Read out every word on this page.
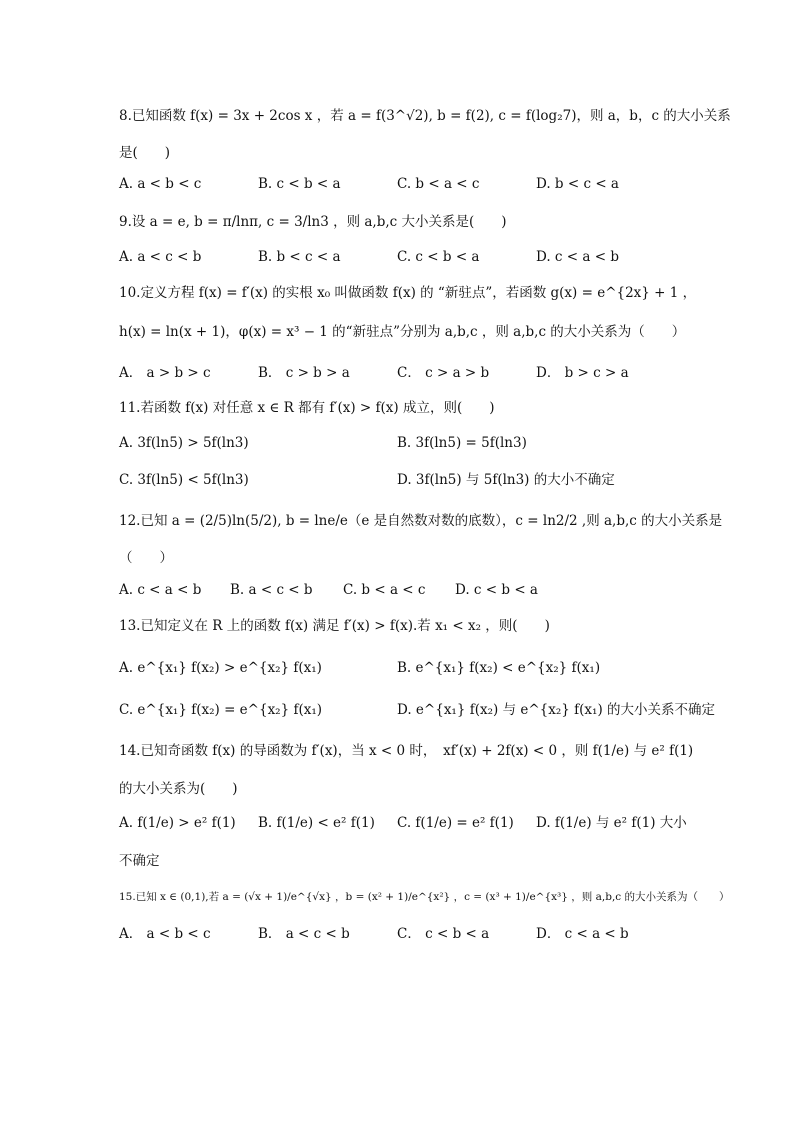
8.已知函数 f(x) = 3x + 2cos x ，若 a = f(3^√2), b = f(2), c = f(log₂7)，则 a，b，c 的大小关系
是(　　)
A. a < b < c	B. c < b < a	C. b < a < c	D. b < c < a
9.设 a = e, b = π/lnπ, c = 3/ln3 ，则 a,b,c 大小关系是(　　)
A. a < c < b	B. b < c < a	C. c < b < a	D. c < a < b
10.定义方程 f(x) = f′(x) 的实根 x₀ 叫做函数 f(x) 的 “新驻点”，若函数 g(x) = e^{2x} + 1 ，
h(x) = ln(x + 1)，φ(x) = x³ − 1 的“新驻点”分别为 a,b,c ，则 a,b,c 的大小关系为（　　）
A． a > b > c	B． c > b > a	C． c > a > b	D． b > c > a
11.若函数 f(x) 对任意 x ∈ R 都有 f′(x) > f(x) 成立，则(　　)
A. 3f(ln5) > 5f(ln3)	B. 3f(ln5) = 5f(ln3)
C. 3f(ln5) < 5f(ln3)	D. 3f(ln5) 与 5f(ln3) 的大小不确定
12.已知 a = (2/5)ln(5/2), b = lne/e（e 是自然数对数的底数），c = ln2/2 ,则 a,b,c 的大小关系是
（　　）
A. c < a < b B. a < c < b C. b < a < c D. c < b < a
13.已知定义在 R 上的函数 f(x) 满足 f′(x) > f(x).若 x₁ < x₂ ，则(　　)
A. e^{x₁} f(x₂) > e^{x₂} f(x₁)	B. e^{x₁} f(x₂) < e^{x₂} f(x₁)
C. e^{x₁} f(x₂) = e^{x₂} f(x₁)	D. e^{x₁} f(x₂) 与 e^{x₂} f(x₁) 的大小关系不确定
14.已知奇函数 f(x) 的导函数为 f′(x)，当 x < 0 时，　xf′(x) + 2f(x) < 0 ，则 f(1/e) 与 e² f(1)
的大小关系为(　　)
A. f(1/e) > e² f(1) B. f(1/e) < e² f(1) C. f(1/e) = e² f(1) D. f(1/e) 与 e² f(1) 大小
不确定
15.已知 x ∈ (0,1),若 a = (√x + 1)/e^{√x} ，b = (x² + 1)/e^{x²} ，c = (x³ + 1)/e^{x³} ，则 a,b,c 的大小关系为（　　）
A． a < b < c	B． a < c < b	C． c < b < a	D． c < a < b
